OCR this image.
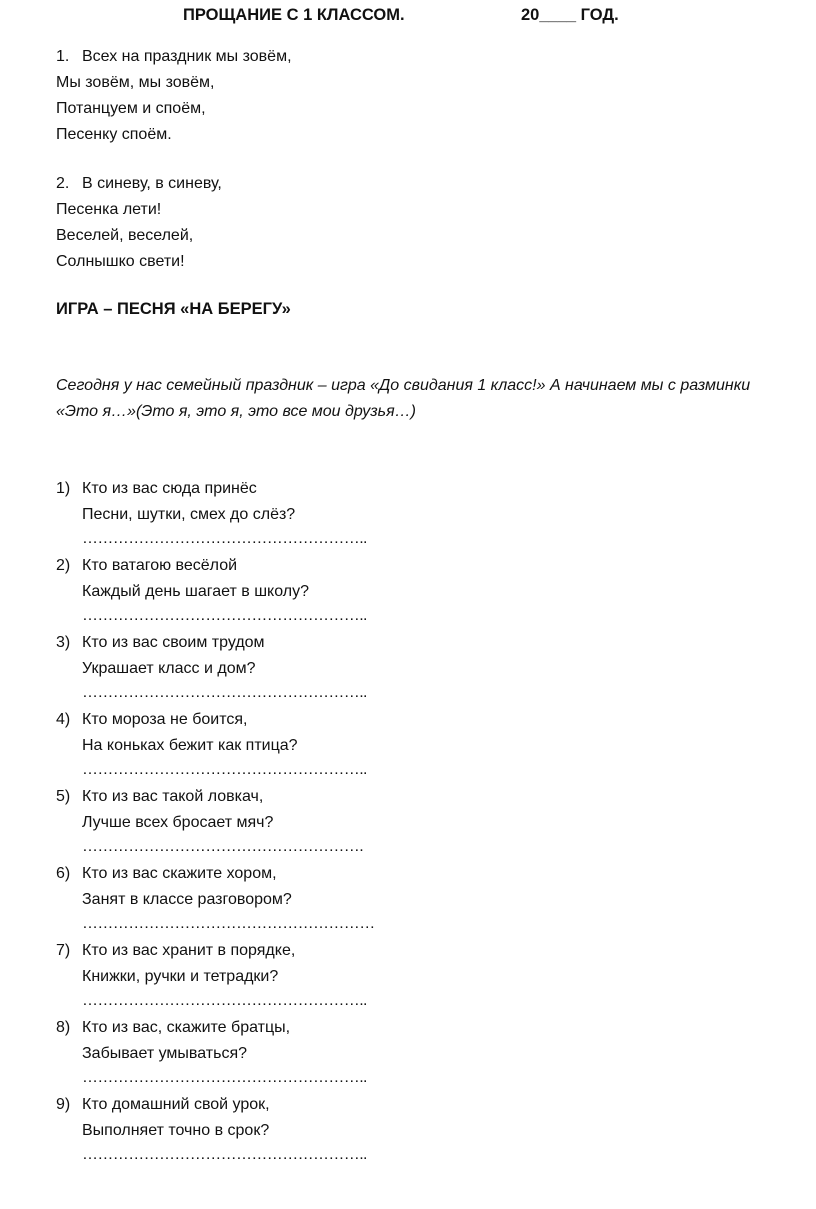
ПРОЩАНИЕ С 1 КЛАССОМ.	20____ ГОД.
1. Всех на праздник мы зовём,
Мы зовём, мы зовём,
Потанцуем и споём,
Песенку споём.
2. В синеву, в синеву,
Песенка лети!
Веселей, веселей,
Солнышко свети!
ИГРА – ПЕСНЯ «НА БЕРЕГУ»
Сегодня у нас семейный праздник – игра «До свидания 1 класс!» А начинаем мы с разминки
«Это я…»(Это я, это я, это все мои друзья…)
1) Кто из вас сюда принёс
Песни, шутки, смех до слёз?
………………………………………………..
2) Кто ватагою весёлой
Каждый день шагает в школу?
………………………………………………..
3) Кто из вас своим трудом
Украшает класс и дом?
………………………………………………..
4) Кто мороза не боится,
На коньках бежит как птица?
………………………………………………..
5) Кто из вас такой ловкач,
Лучше всех бросает мяч?
……………………………………………….
6) Кто из вас скажите хором,
Занят в классе разговором?
…………………………………………………
7) Кто из вас хранит в порядке,
Книжки, ручки и тетрадки?
………………………………………………..
8) Кто из вас, скажите братцы,
Забывает умываться?
………………………………………………..
9) Кто домашний свой урок,
Выполняет точно в срок?
………………………………………………..
